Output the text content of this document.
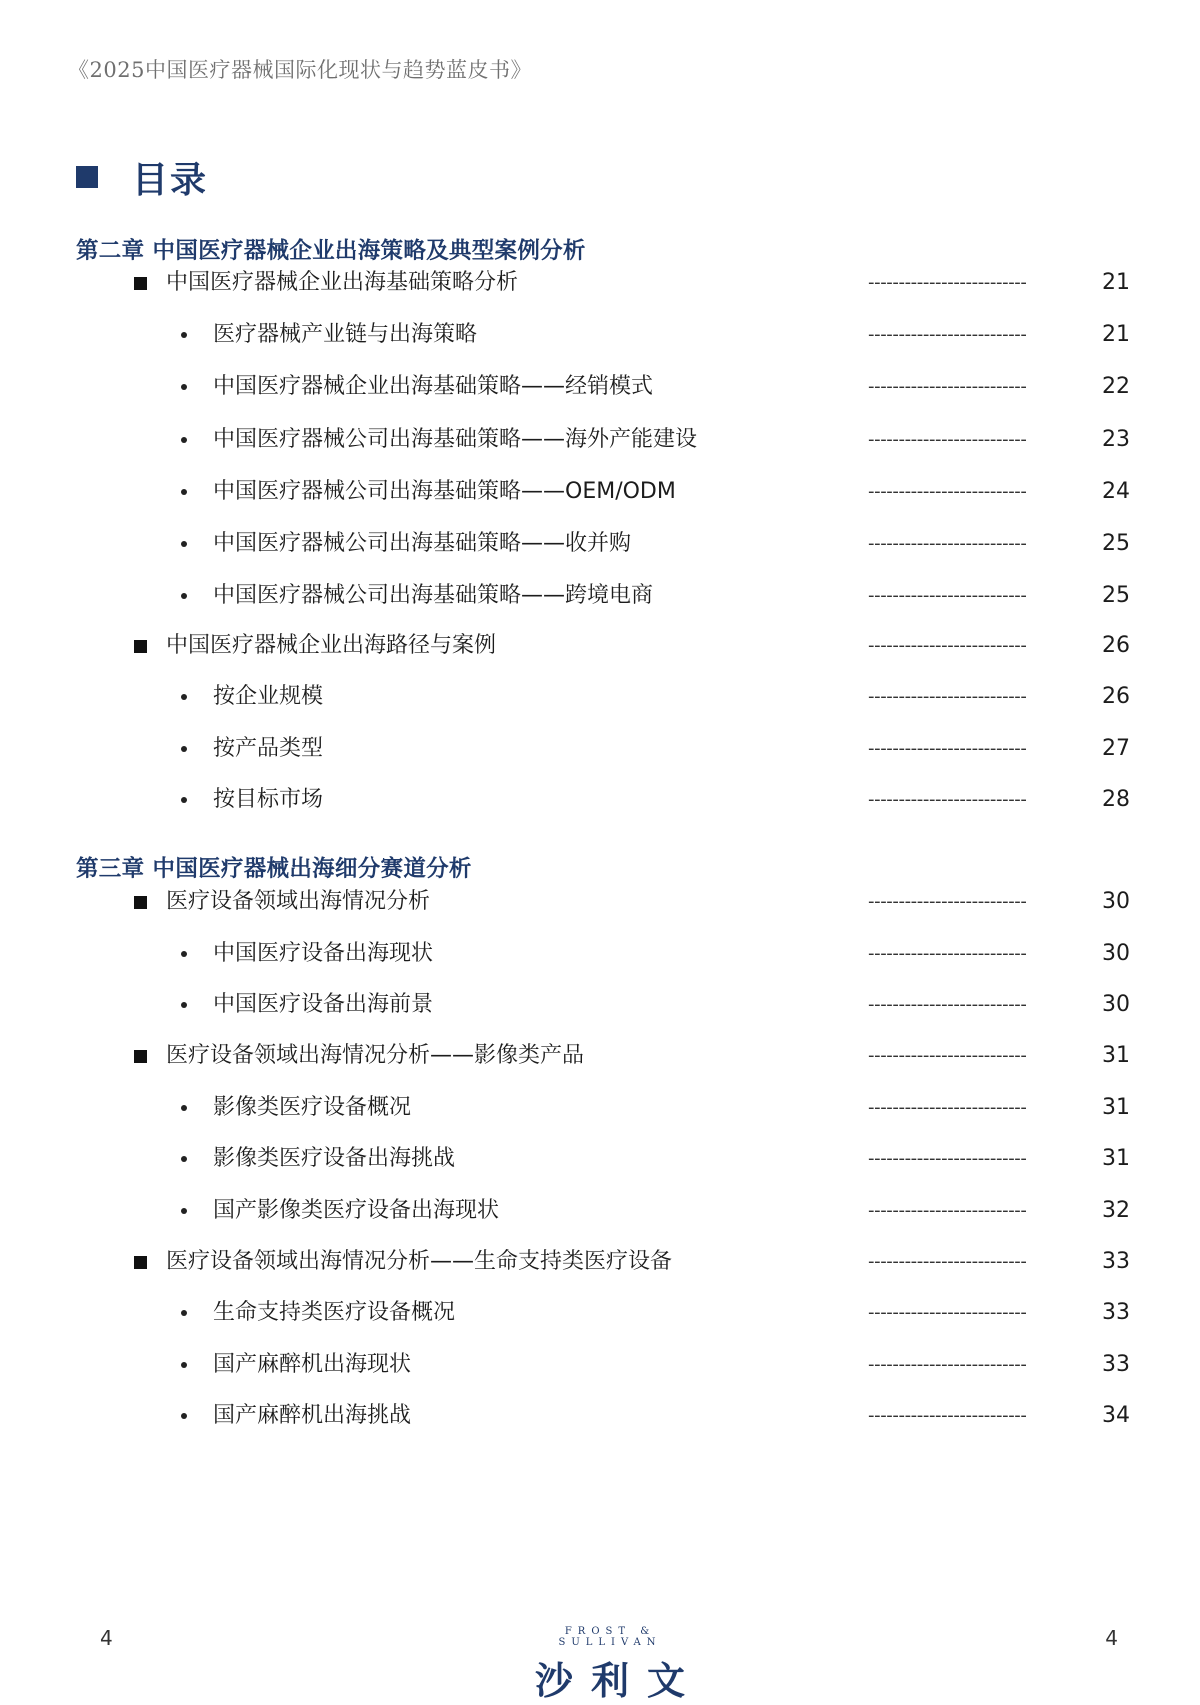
《2025中国医疗器械国际化现状与趋势蓝皮书》
目录
第二章 中国医疗器械企业出海策略及典型案例分析
中国医疗器械企业出海基础策略分析	--------------------------	21
医疗器械产业链与出海策略	--------------------------	21
中国医疗器械企业出海基础策略——经销模式	--------------------------	22
中国医疗器械公司出海基础策略——海外产能建设	--------------------------	23
中国医疗器械公司出海基础策略——OEM/ODM	--------------------------	24
中国医疗器械公司出海基础策略——收并购	--------------------------	25
中国医疗器械公司出海基础策略——跨境电商	--------------------------	25
中国医疗器械企业出海路径与案例	--------------------------	26
按企业规模	--------------------------	26
按产品类型	--------------------------	27
按目标市场	--------------------------	28
第三章 中国医疗器械出海细分赛道分析
医疗设备领域出海情况分析	--------------------------	30
中国医疗设备出海现状	--------------------------	30
中国医疗设备出海前景	--------------------------	30
医疗设备领域出海情况分析——影像类产品	--------------------------	31
影像类医疗设备概况	--------------------------	31
影像类医疗设备出海挑战	--------------------------	31
国产影像类医疗设备出海现状	--------------------------	32
医疗设备领域出海情况分析——生命支持类医疗设备	--------------------------	33
生命支持类医疗设备概况	--------------------------	33
国产麻醉机出海现状	--------------------------	33
国产麻醉机出海挑战	--------------------------	34
4	FROST & SULLIVAN
沙利文
4
